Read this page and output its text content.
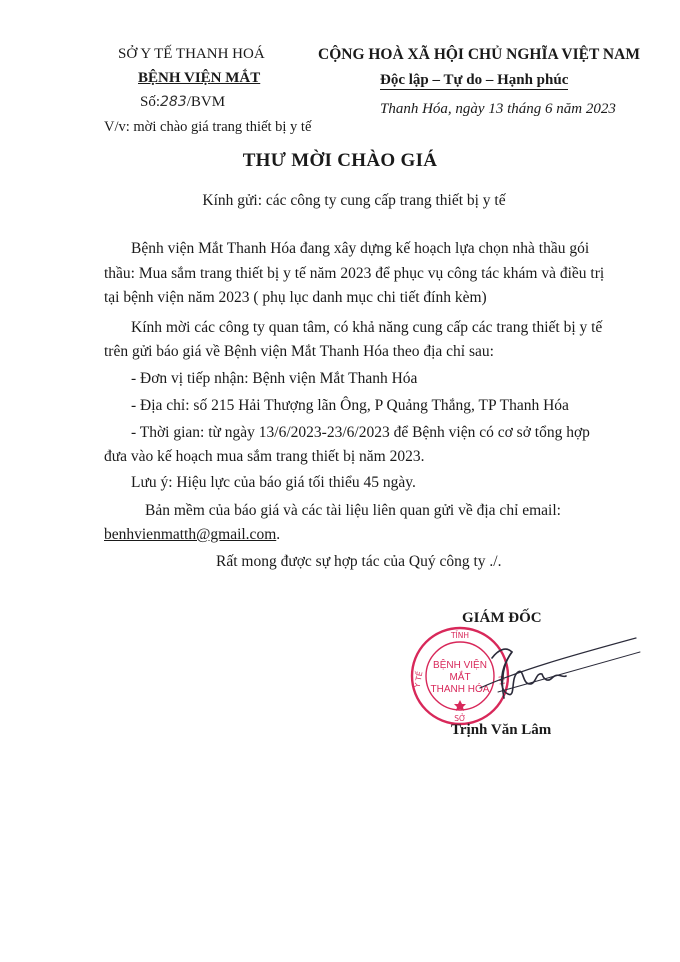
SỞ Y TẾ THANH HOÁ
BỆNH VIỆN MẮT
Số:283/BVM
V/v: mời chào giá trang thiết bị y tế
CỘNG HOÀ XÃ HỘI CHỦ NGHĨA VIỆT NAM
Độc lập – Tự do – Hạnh phúc
Thanh Hóa, ngày 13 tháng 6 năm 2023
THƯ MỜI CHÀO GIÁ
Kính gửi: các công ty cung cấp trang thiết bị y tế
Bệnh viện Mắt Thanh Hóa đang xây dựng kế hoạch lựa chọn nhà thầu gói
thầu: Mua sắm trang thiết bị y tế năm 2023 để phục vụ công tác khám và điều trị
tại bệnh viện năm 2023 ( phụ lục danh mục chi tiết đính kèm)
Kính mời các công ty quan tâm, có khả năng cung cấp các trang thiết bị y tế
trên gửi báo giá về Bệnh viện Mắt Thanh Hóa theo địa chỉ sau:
- Đơn vị tiếp nhận: Bệnh viện Mắt Thanh Hóa
- Địa chỉ: số 215 Hải Thượng lãn Ông, P Quảng Thắng, TP Thanh Hóa
- Thời gian: từ ngày 13/6/2023-23/6/2023 để Bệnh viện có cơ sở tổng hợp
đưa vào kế hoạch mua sắm trang thiết bị năm 2023.
Lưu ý: Hiệu lực của báo giá tối thiểu 45 ngày.
Bản mềm của báo giá và các tài liệu liên quan gửi về địa chỉ email:
benhvienmatth@gmail.com.
Rất mong được sự hợp tác của Quý công ty ./.
GIÁM ĐỐC
TỈNH
Y TẾ	TH
SỞ
BỆNH VIỆN
MẮT
THANH HÓA
Trịnh Văn Lâm
